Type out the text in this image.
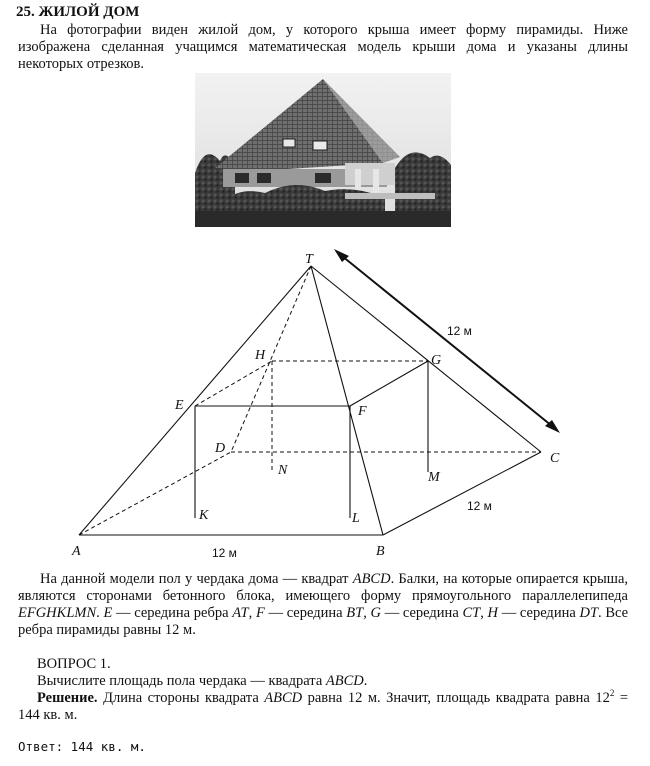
25. ЖИЛОЙ ДОМ
На фотографии виден жилой дом, у которого крыша имеет форму пирамиды. Ниже изображена сделанная учащимся математическая модель крыши дома и указаны длины некоторых отрезков.
T
A	B
C
D
E	F
G
H
K	L
M
N
12 м
12 м
12 м
На данной модели пол у чердака дома — квадрат ABCD. Балки, на которые опирается крыша, являются сторонами бетонного блока, имеющего форму прямоугольного параллелепипеда EFGHKLMN. E — середина ребра AT, F — середина BT, G — середина CT, H — середина DT. Все ребра пирамиды равны 12 м.
ВОПРОС 1.
Вычислите площадь пола чердака — квадрата ABCD.
Решение. Длина стороны квадрата ABCD равна 12 м. Значит, площадь квадрата равна $12^2 = 144$ кв. м.
Ответ: 144 кв. м.
